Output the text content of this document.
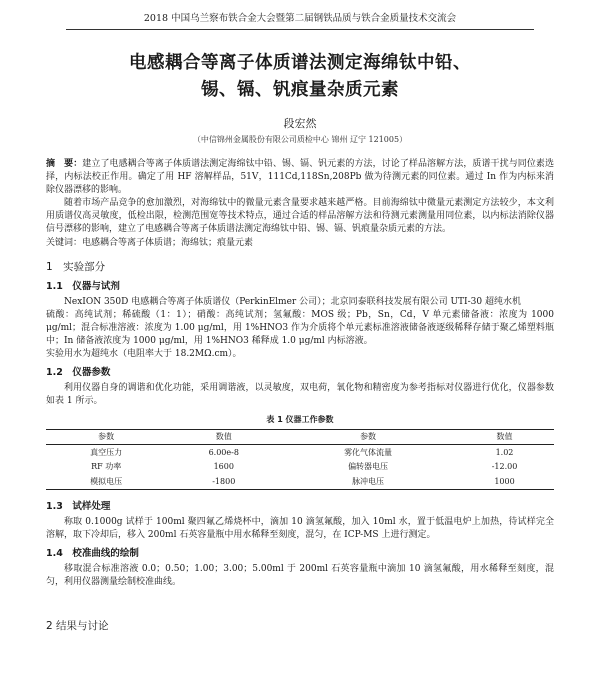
2018 中国乌兰察布铁合金大会暨第二届钢铁品质与铁合金质量技术交流会
电感耦合等离子体质谱法测定海绵钛中铅、
锡、镉、钒痕量杂质元素
段宏然
（中信锦州金属股份有限公司质检中心 锦州 辽宁 121005）

摘　要：建立了电感耦合等离子体质谱法测定海绵钛中铅、锡、镉、钒元素的方法，讨论了样品溶解方法，质谱干扰与同位素选择，内标法校正作用。确定了用 HF 溶解样品，51V，111Cd,118Sn,208Pb 做为待测元素的同位素。通过 In 作为内标来消除仪器漂移的影响。

随着市场产品竞争的愈加激烈，对海绵钛中的微量元素含量要求越来越严格。目前海绵钛中微量元素测定方法较少，本文利用质谱仪高灵敏度，低检出限，检测范围宽等技术特点，通过合适的样品溶解方法和待测元素测量用同位素，以内标法消除仪器信号漂移的影响，建立了电感耦合等离子体质谱法测定海绵钛中铅、锡、镉、钒痕量杂质元素的方法。

关键词：电感耦合等离子体质谱；海绵钛；痕量元素

1　实验部分
1.1　仪器与试剂

NexION 350D 电感耦合等离子体质谱仪（PerkinElmer 公司）；北京同泰联科技发展有限公司 UTI-30 超纯水机

硫酸：高纯试剂；稀硫酸（1：1）；硝酸：高纯试剂；氢氟酸：MOS 级；Pb，Sn，Cd，V 单元素储备液：浓度为 1000 μg/ml；混合标准溶液：浓度为 1.00 μg/ml，用 1%HNO3 作为介质将个单元素标准溶液储备液逐级稀释存储于聚乙烯塑料瓶中；In 储备液浓度为 1000 μg/ml，用 1%HNO3 稀释成 1.0 μg/ml 内标溶液。

实验用水为超纯水（电阻率大于 18.2MΩ.cm）。

1.2　仪器参数

利用仪器自身的调谐和优化功能，采用调谐液，以灵敏度，双电荷，氧化物和精密度为参考指标对仪器进行优化，仪器参数如表 1 所示。

表 1 仪器工作参数
参数	数值	参数	数值
真空压力	6.00e-8	雾化气体流量	1.02
RF 功率	1600	偏转器电压	-12.00
模拟电压	-1800	脉冲电压	1000
1.3　试样处理

称取 0.1000g 试样于 100ml 聚四氟乙烯烧杯中，滴加 10 滴氢氟酸，加入 10ml 水，置于低温电炉上加热，待试样完全溶解，取下冷却后，移入 200ml 石英容量瓶中用水稀释至刻度，混匀，在 ICP-MS 上进行测定。

1.4　校准曲线的绘制

移取混合标准溶液 0.0；0.50；1.00；3.00；5.00ml 于 200ml 石英容量瓶中滴加 10 滴氢氟酸，用水稀释至刻度，混匀，利用仪器测量绘制校准曲线。

2 结果与讨论
